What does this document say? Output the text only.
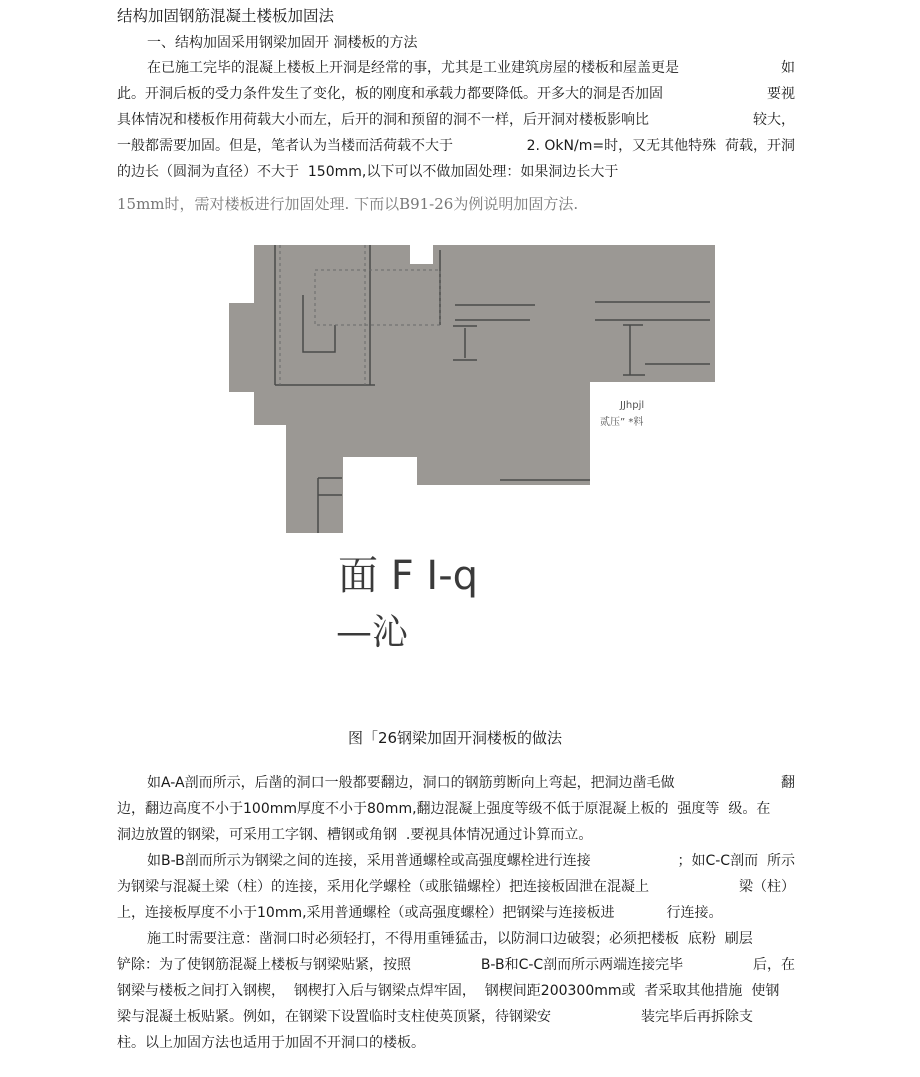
结构加固钢筋混凝土楼板加固法
一、结构加固采用钢梁加固开 洞楼板的方法
在已施工完毕的混凝上楼板上开洞是经常的事，尤其是工业建筑房屋的楼板和屋盖更是	如
此。开洞后板的受力条件发生了变化，板的刚度和承载力都要降低。开多大的洞是否加固	要视
具体情况和楼板作用荷载大小而左，后开的洞和预留的洞不一样，后开洞对楼板影响比	较大，
一般都需要加固。但是，笔者认为当楼而活荷载不大于	2. OkN/m=时，又无其他特殊  荷载，开洞
的边长（圆洞为直径）不大于  150mm,以下可以不做加固处理：如果洞边长大于
15mm时，需对楼板进行加固处理. 下而以B91-26为例说明加固方法.
JJhpjl
贰压” *料
面 F I-q
—沁
图「26钢梁加固开洞楼板的做法
如A-A剖而所示，后凿的洞口一般都要翻边，洞口的钢筋剪断向上弯起，把洞边凿毛做	翻
边，翻边高度不小于100mm厚度不小于80mm,翻边混凝上强度等级不低于原混凝上板的  强度等  级。在
洞边放置的钢梁，可采用工字钢、槽钢或角钢  .要视具体情况通过讣算而立。
如B-B剖而所示为钢梁之间的连接，采用普通螺栓或高强度螺栓进行连接	；如C-C剖而  所示
为钢梁与混凝土梁（柱）的连接，采用化学螺栓（或胀锚螺栓）把连接板固泄在混凝上	梁（柱）
上，连接板厚度不小于10mm,采用普通螺栓（或高强度螺栓）把钢梁与连接板进	行连接。
施工时需要注意：凿洞口时必须轻打，不得用重锤猛击，以防洞口边破裂；必须把楼板  底粉  刷层
铲除：为了使钢筋混凝上楼板与钢梁贴紧，按照	B-B和C-C剖而所示两端连接完毕	后，在
钢梁与楼板之间打入钢楔，  钢楔打入后与钢梁点焊牢固，  钢楔间距200300mm或  者采取其他措施  使钢
梁与混凝土板贴紧。例如，在钢梁下设置临时支柱使英顶紧，待钢梁安	装完毕后再拆除支
柱。以上加固方法也适用于加固不开洞口的楼板。
